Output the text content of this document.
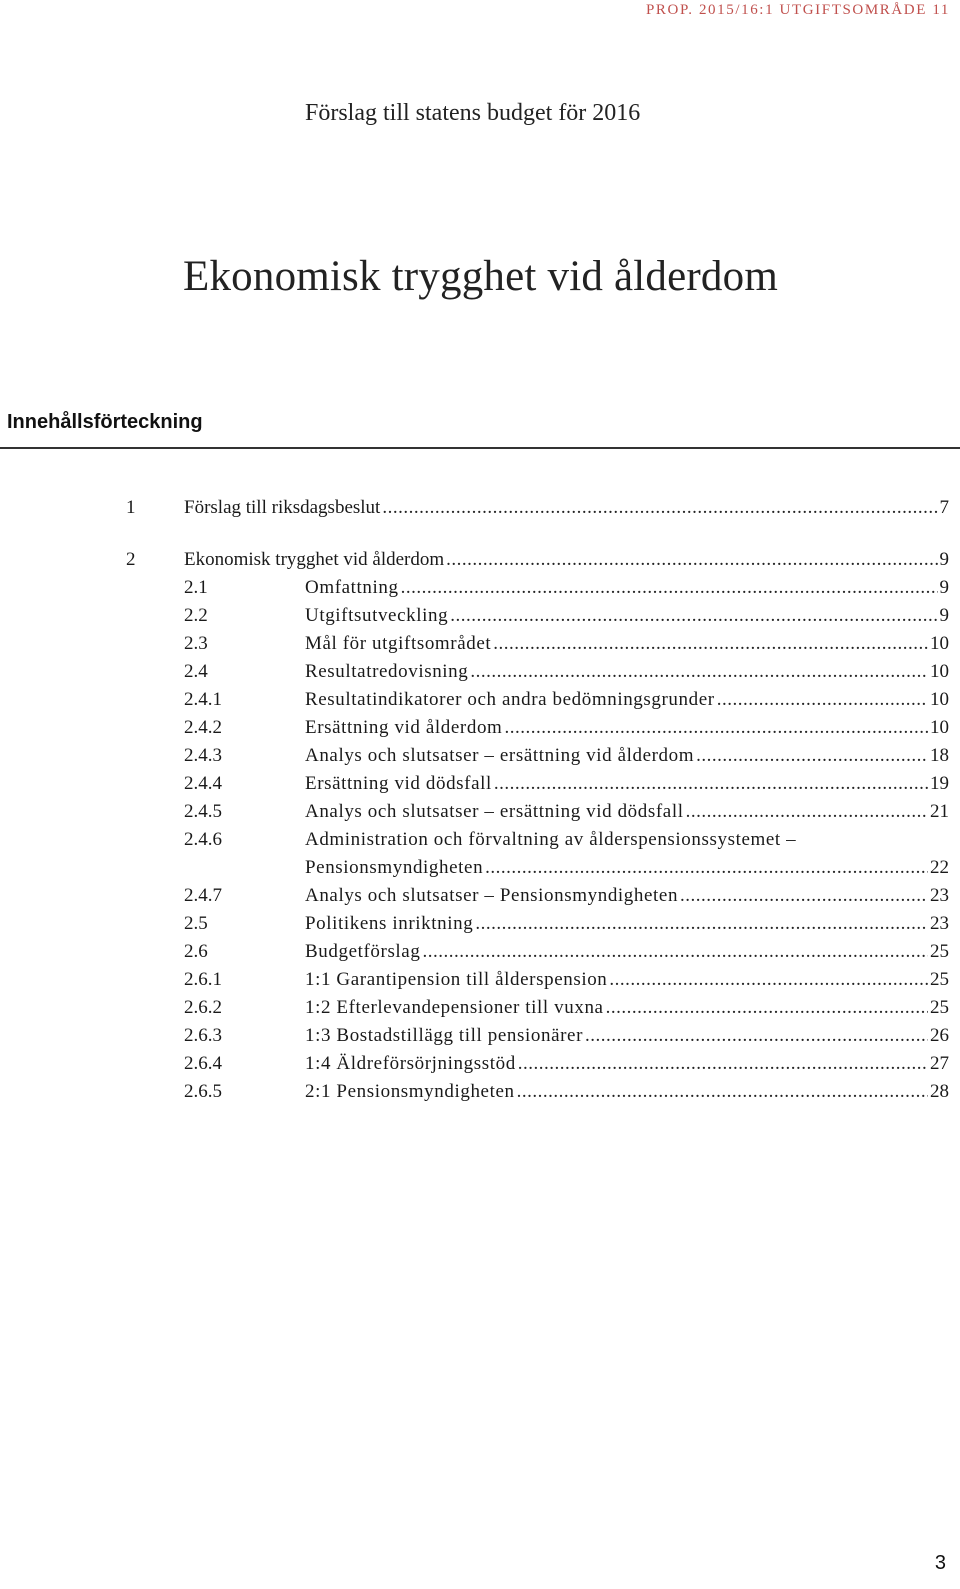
PROP. 2015/16:1 UTGIFTSOMRÅDE 11
Förslag till statens budget för 2016
Ekonomisk trygghet vid ålderdom
Innehållsförteckning
1	Förslag till riksdagsbeslut .....	7
2	Ekonomisk trygghet vid ålderdom .....	9
2.1	Omfattning .....	9
2.2	Utgiftsutveckling .....	9
2.3	Mål för utgiftsområdet .....	10
2.4	Resultatredovisning .....	10
2.4.1	Resultatindikatorer och andra bedömningsgrunder .....	10
2.4.2	Ersättning vid ålderdom .....	10
2.4.3	Analys och slutsatser – ersättning vid ålderdom .....	18
2.4.4	Ersättning vid dödsfall .....	19
2.4.5	Analys och slutsatser – ersättning vid dödsfall .....	21
2.4.6	Administration och förvaltning av ålderspensionssystemet –
Pensionsmyndigheten .....	22
2.4.7	Analys och slutsatser – Pensionsmyndigheten .....	23
2.5	Politikens inriktning .....	23
2.6	Budgetförslag .....	25
2.6.1	1:1 Garantipension till ålderspension .....	25
2.6.2	1:2 Efterlevandepensioner till vuxna .....	25
2.6.3	1:3 Bostadstillägg till pensionärer .....	26
2.6.4	1:4 Äldreförsörjningsstöd .....	27
2.6.5	2:1 Pensionsmyndigheten .....	28
3
